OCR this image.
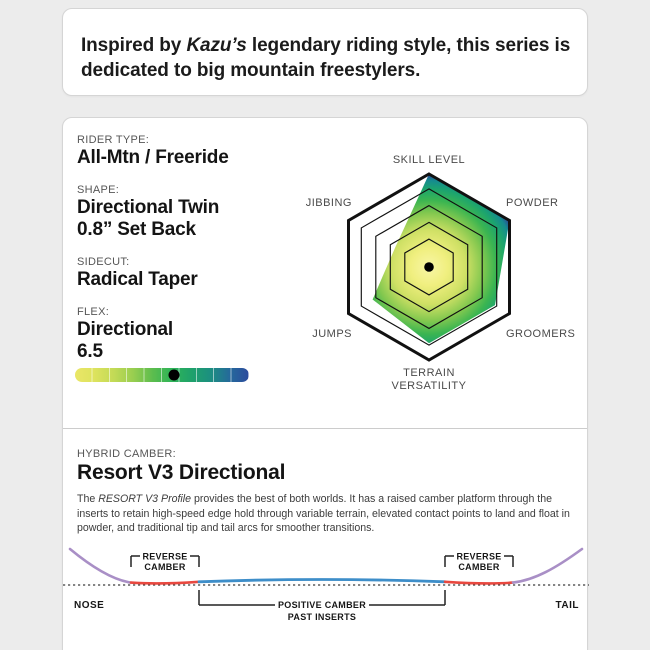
Inspired by Kazu’s legendary riding style, this series is dedicated to big mountain freestylers.

RIDER TYPE:
All-Mtn / Freeride
SHAPE:
Directional Twin
0.8” Set Back
SIDECUT:
Radical Taper
FLEX:
Directional
6.5
SKILL LEVEL
POWDER
GROOMERS
TERRAIN VERSATILITY
JUMPS
JIBBING
HYBRID CAMBER:
Resort V3 Directional

The RESORT V3 Profile provides the best of both worlds. It has a raised camber platform through the inserts to retain high-speed edge hold through variable terrain, elevated contact points to land and float in powder, and traditional tip and tail arcs for smoother transitions.

REVERSE
CAMBER
REVERSE
CAMBER
POSITIVE CAMBER
PAST INSERTS
NOSE	TAIL
